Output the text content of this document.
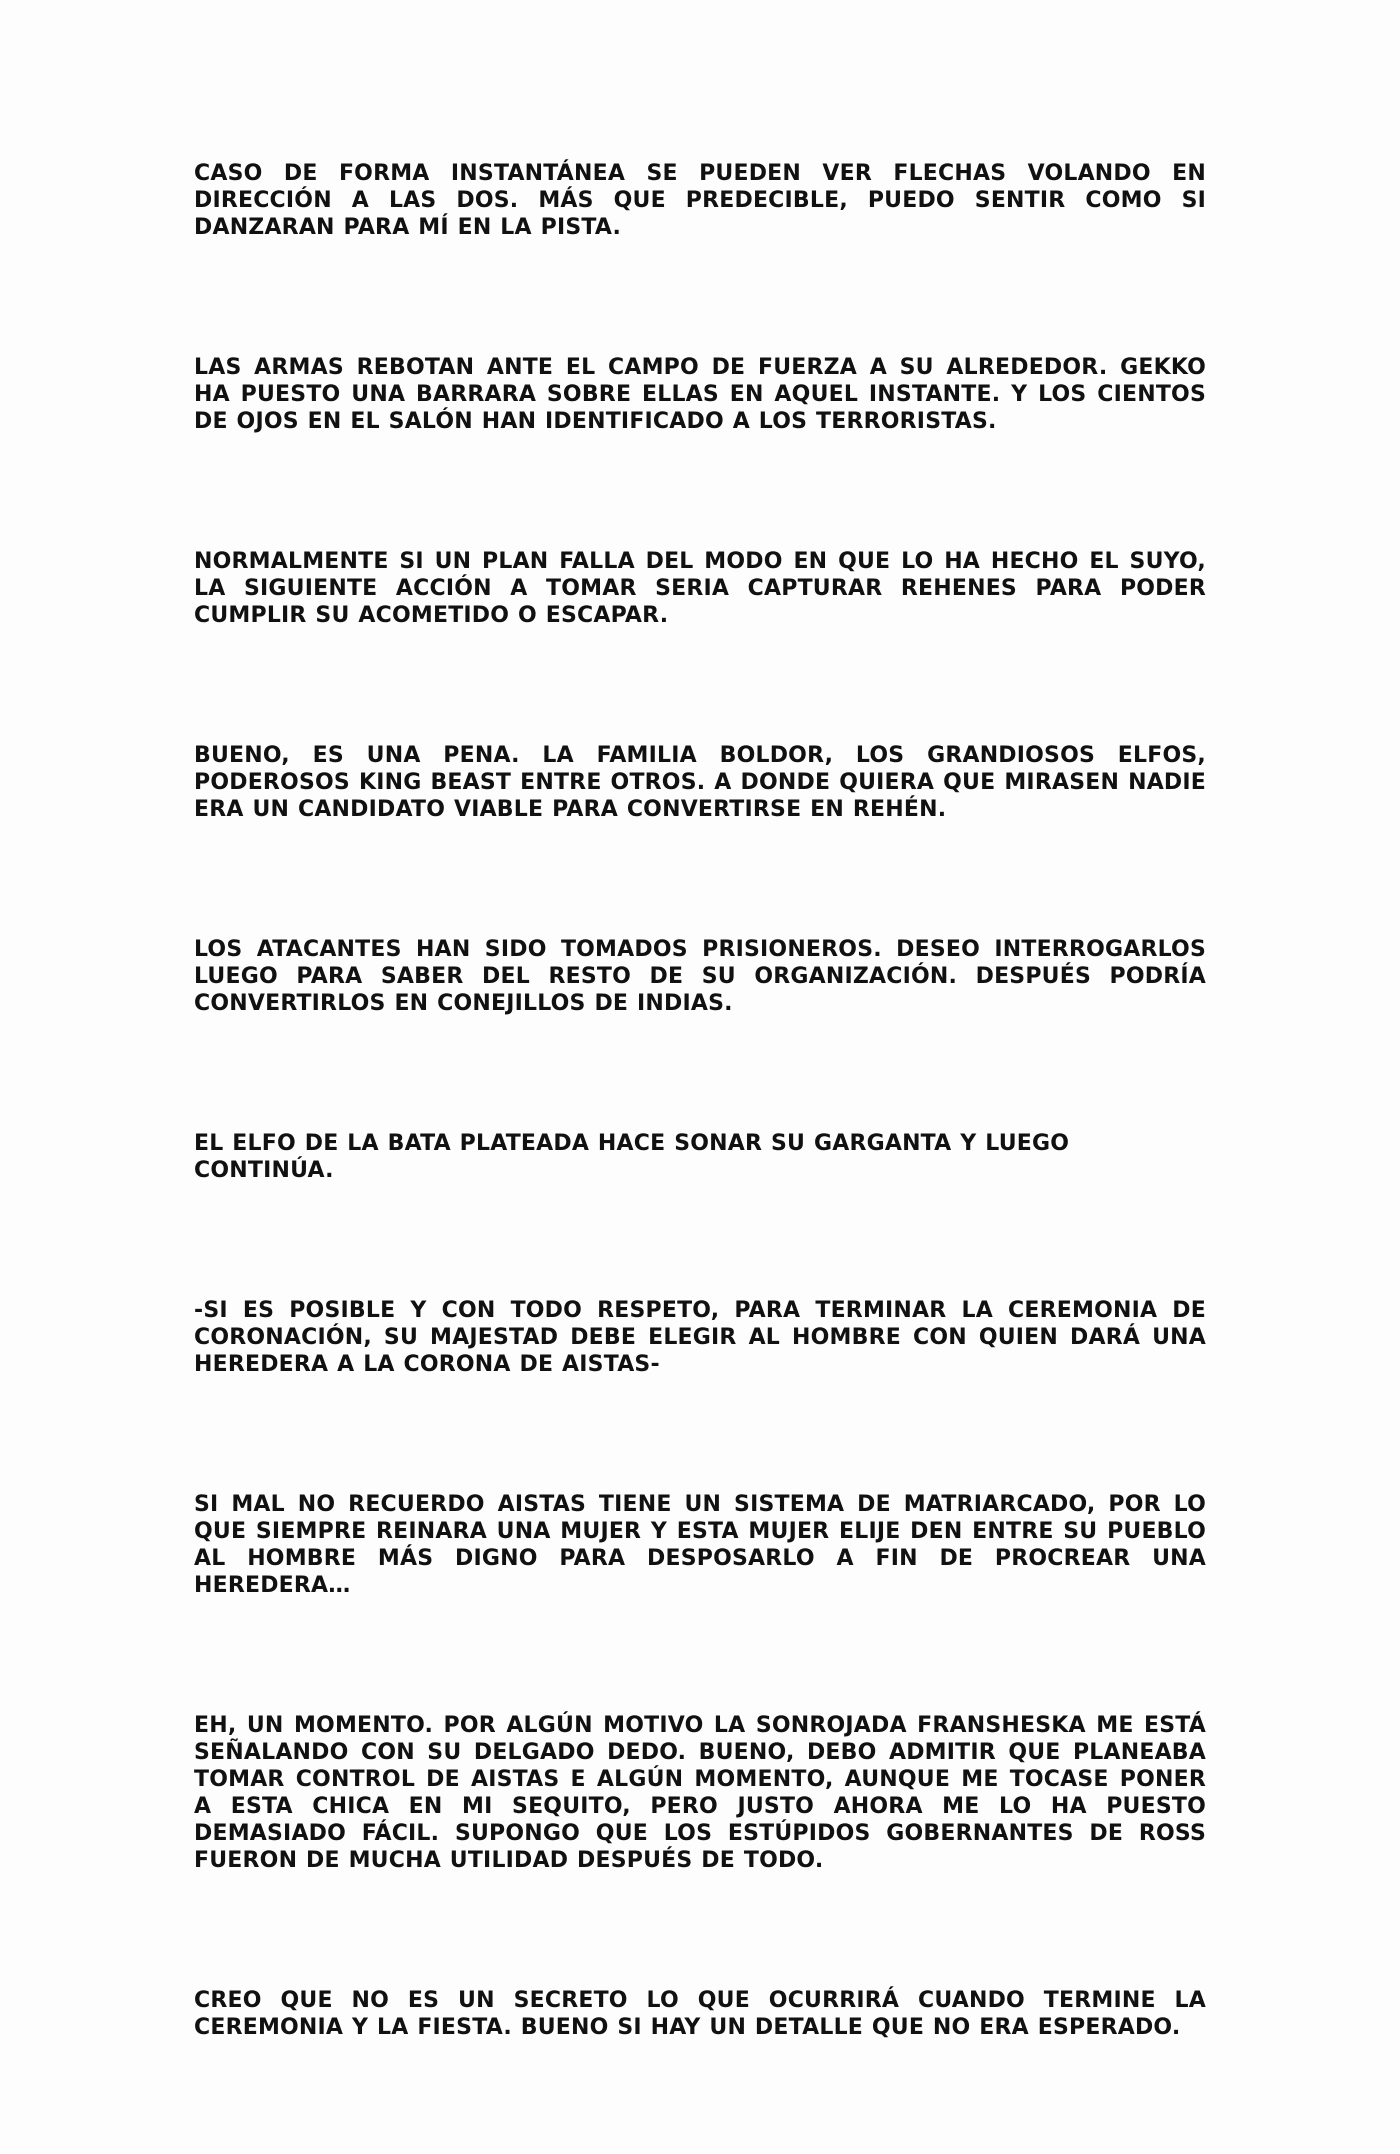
CASO DE FORMA INSTANTÁNEA SE PUEDEN VER FLECHAS VOLANDO EN DIRECCIÓN A LAS DOS. MÁS QUE PREDECIBLE, PUEDO SENTIR COMO SI DANZARAN PARA MÍ EN LA PISTA.

LAS ARMAS REBOTAN ANTE EL CAMPO DE FUERZA A SU ALREDEDOR. GEKKO HA PUESTO UNA BARRARA SOBRE ELLAS EN AQUEL INSTANTE. Y LOS CIENTOS DE OJOS EN EL SALÓN HAN IDENTIFICADO A LOS TERRORISTAS.

NORMALMENTE SI UN PLAN FALLA DEL MODO EN QUE LO HA HECHO EL SUYO, LA SIGUIENTE ACCIÓN A TOMAR SERIA CAPTURAR REHENES PARA PODER CUMPLIR SU ACOMETIDO O ESCAPAR.

BUENO, ES UNA PENA. LA FAMILIA BOLDOR, LOS GRANDIOSOS ELFOS, PODEROSOS KING BEAST ENTRE OTROS. A DONDE QUIERA QUE MIRASEN NADIE ERA UN CANDIDATO VIABLE PARA CONVERTIRSE EN REHÉN.

LOS ATACANTES HAN SIDO TOMADOS PRISIONEROS. DESEO INTERROGARLOS LUEGO PARA SABER DEL RESTO DE SU ORGANIZACIÓN. DESPUÉS PODRÍA CONVERTIRLOS EN CONEJILLOS DE INDIAS.

EL ELFO DE LA BATA PLATEADA HACE SONAR SU GARGANTA Y LUEGO CONTINÚA.

-SI ES POSIBLE Y CON TODO RESPETO, PARA TERMINAR LA CEREMONIA DE CORONACIÓN, SU MAJESTAD DEBE ELEGIR AL HOMBRE CON QUIEN DARÁ UNA HEREDERA A LA CORONA DE AISTAS-

SI MAL NO RECUERDO AISTAS TIENE UN SISTEMA DE MATRIARCADO, POR LO QUE SIEMPRE REINARA UNA MUJER Y ESTA MUJER ELIJE DEN ENTRE SU PUEBLO AL HOMBRE MÁS DIGNO PARA DESPOSARLO A FIN DE PROCREAR UNA HEREDERA…

EH, UN MOMENTO. POR ALGÚN MOTIVO LA SONROJADA FRANSHESKA ME ESTÁ SEÑALANDO CON SU DELGADO DEDO. BUENO, DEBO ADMITIR QUE PLANEABA TOMAR CONTROL DE AISTAS E ALGÚN MOMENTO, AUNQUE ME TOCASE PONER A ESTA CHICA EN MI SEQUITO, PERO JUSTO AHORA ME LO HA PUESTO DEMASIADO FÁCIL. SUPONGO QUE LOS ESTÚPIDOS GOBERNANTES DE ROSS FUERON DE MUCHA UTILIDAD DESPUÉS DE TODO.

CREO QUE NO ES UN SECRETO LO QUE OCURRIRÁ CUANDO TERMINE LA CEREMONIA Y LA FIESTA. BUENO SI HAY UN DETALLE QUE NO ERA ESPERADO.
